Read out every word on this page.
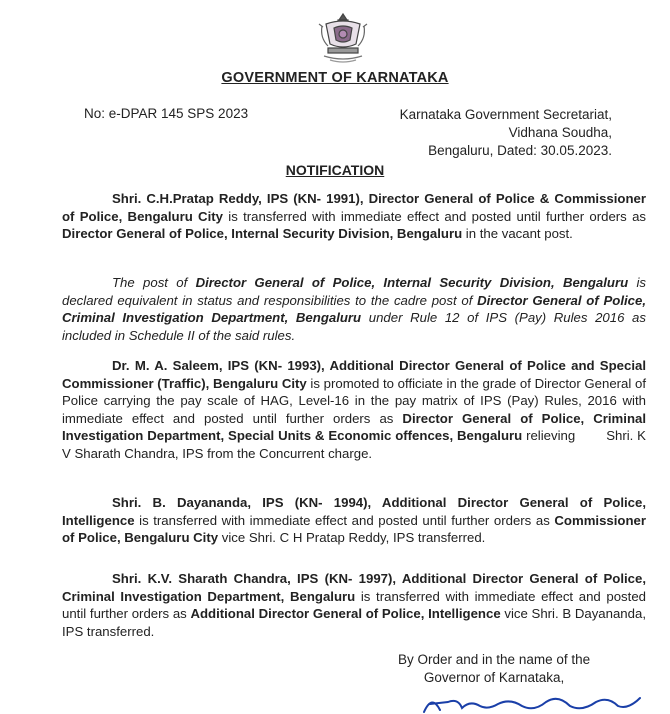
GOVERNMENT OF KARNATAKA
No: e-DPAR 145 SPS 2023	Karnataka Government Secretariat,
Vidhana Soudha,
Bengaluru, Dated: 30.05.2023.
NOTIFICATION

Shri. C.H.Pratap Reddy, IPS (KN- 1991), Director General of Police & Commissioner of Police, Bengaluru City is transferred with immediate effect and posted until further orders as Director General of Police, Internal Security Division, Bengaluru in the vacant post.

The post of Director General of Police, Internal Security Division, Bengaluru is declared equivalent in status and responsibilities to the cadre post of Director General of Police, Criminal Investigation Department, Bengaluru under Rule 12 of IPS (Pay) Rules 2016 as included in Schedule II of the said rules.

Dr. M. A. Saleem, IPS (KN- 1993), Additional Director General of Police and Special Commissioner (Traffic), Bengaluru City is promoted to officiate in the grade of Director General of Police carrying the pay scale of HAG, Level-16 in the pay matrix of IPS (Pay) Rules, 2016 with immediate effect and posted until further orders as Director General of Police, Criminal Investigation Department, Special Units & Economic offences, Bengaluru relieving        Shri. K V Sharath Chandra, IPS from the Concurrent charge.

Shri. B. Dayananda, IPS (KN- 1994), Additional Director General of Police, Intelligence is transferred with immediate effect and posted until further orders as Commissioner of Police, Bengaluru City vice Shri. C H Pratap Reddy, IPS transferred.

Shri. K.V. Sharath Chandra, IPS (KN- 1997), Additional Director General of Police, Criminal Investigation Department, Bengaluru is transferred with immediate effect and posted until further orders as Additional Director General of Police, Intelligence vice Shri. B Dayananda, IPS transferred.

By Order and in the name of the
Governor of Karnataka,
